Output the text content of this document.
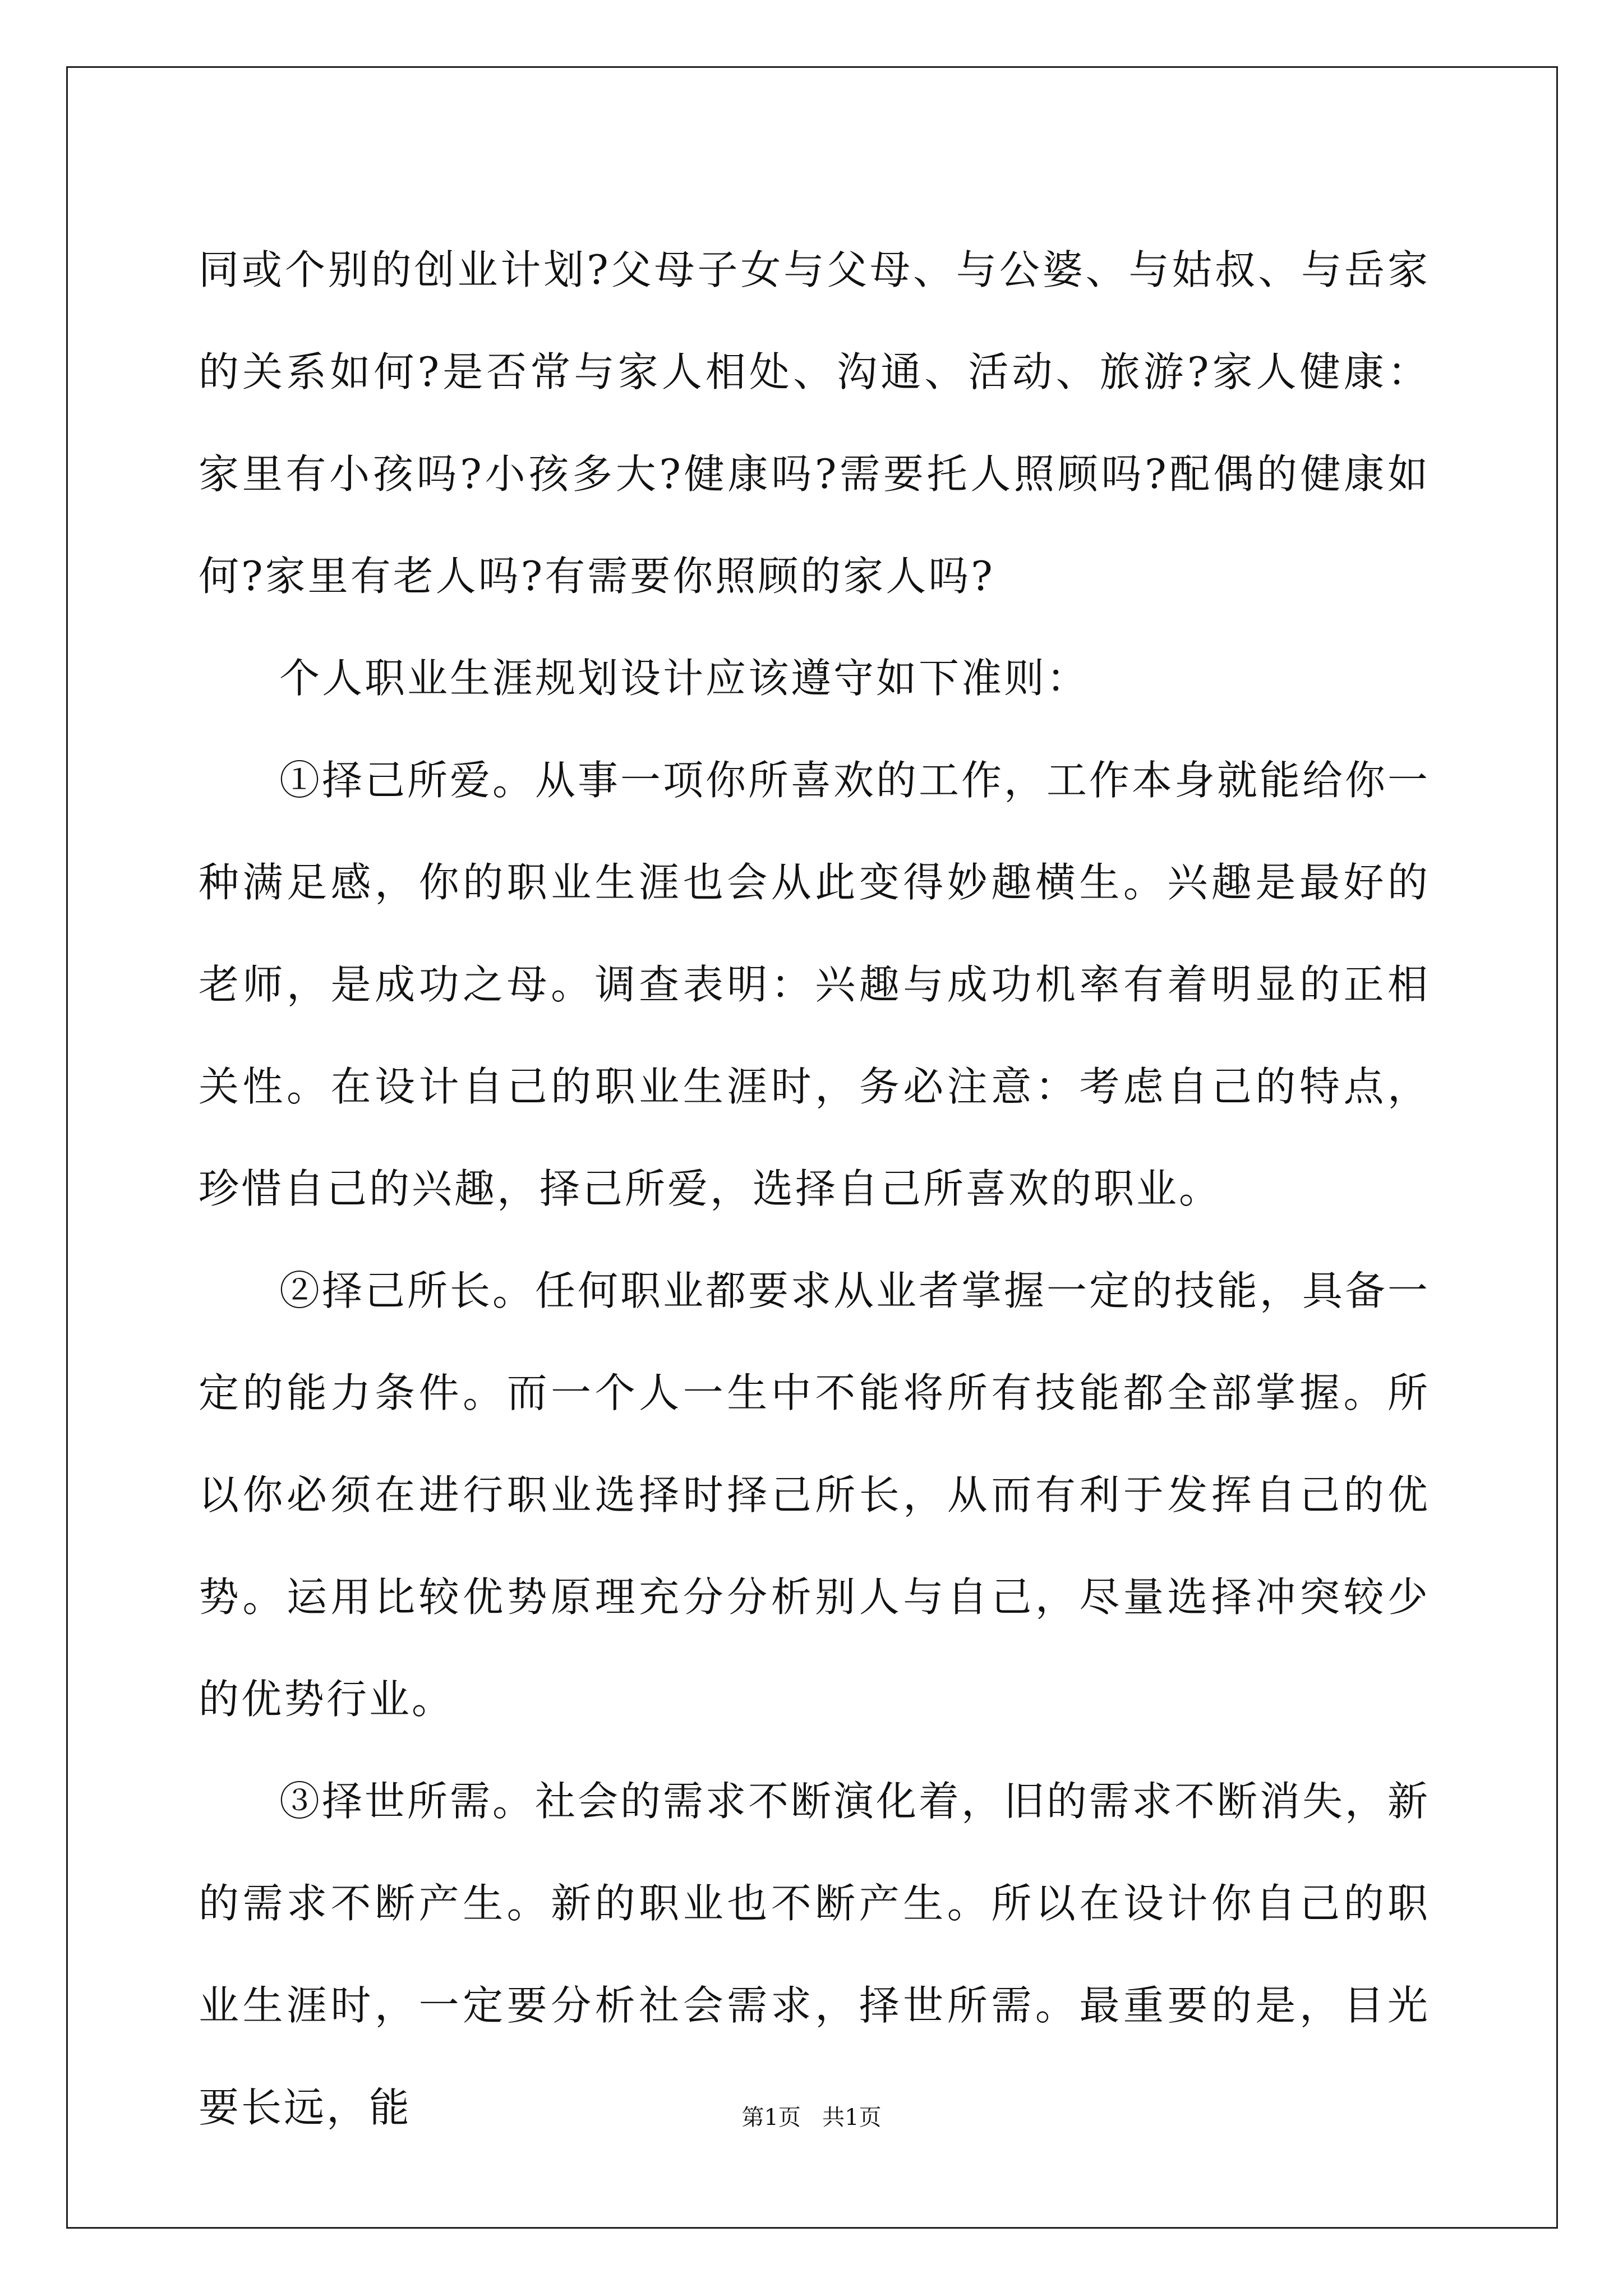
同或个别的创业计划?父母子女与父母、与公婆、与姑叔、与岳家的关系如何?是否常与家人相处、沟通、活动、旅游?家人健康：家里有小孩吗?小孩多大?健康吗?需要托人照顾吗?配偶的健康如何?家里有老人吗?有需要你照顾的家人吗?

个人职业生涯规划设计应该遵守如下准则：

①择己所爱。从事一项你所喜欢的工作，工作本身就能给你一种满足感，你的职业生涯也会从此变得妙趣横生。兴趣是最好的老师，是成功之母。调查表明：兴趣与成功机率有着明显的正相关性。在设计自己的职业生涯时，务必注意：考虑自己的特点，珍惜自己的兴趣，择己所爱，选择自己所喜欢的职业。

②择己所长。任何职业都要求从业者掌握一定的技能，具备一定的能力条件。而一个人一生中不能将所有技能都全部掌握。所以你必须在进行职业选择时择己所长，从而有利于发挥自己的优势。运用比较优势原理充分分析别人与自己，尽量选择冲突较少的优势行业。

③择世所需。社会的需求不断演化着，旧的需求不断消失，新的需求不断产生。新的职业也不断产生。所以在设计你自己的职业生涯时，一定要分析社会需求，择世所需。最重要的是，目光要长远，能	第1页 共1页
